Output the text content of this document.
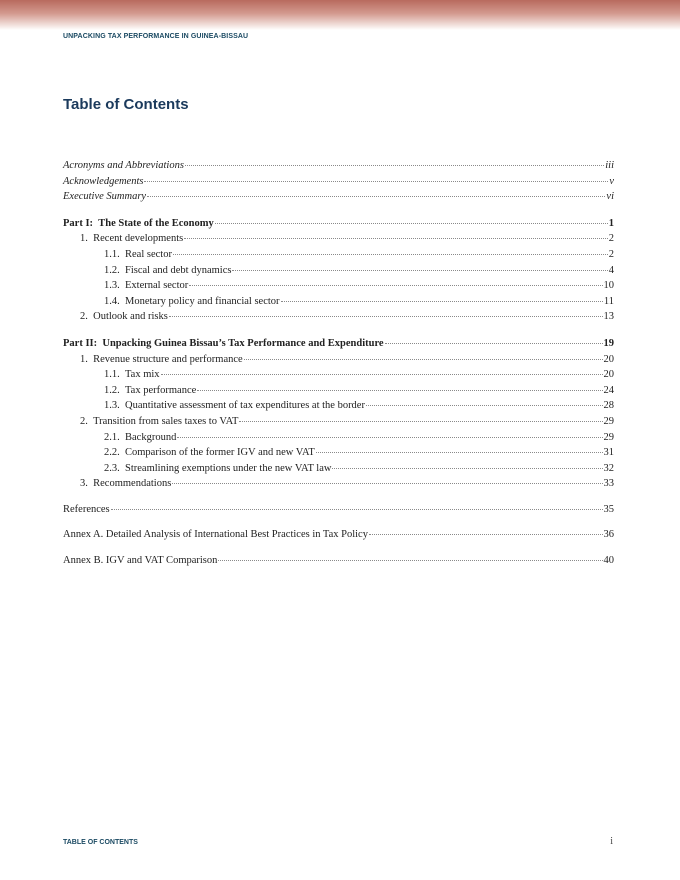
UNPACKING TAX PERFORMANCE IN GUINEA-BISSAU
Table of Contents
Acronyms and Abbreviations	iii
Acknowledgements	v
Executive Summary	vi
Part I: The State of the Economy	1
1. Recent developments	2
1.1. Real sector	2
1.2. Fiscal and debt dynamics	4
1.3. External sector	10
1.4. Monetary policy and financial sector	11
2. Outlook and risks	13
Part II: Unpacking Guinea Bissau’s Tax Performance and Expenditure	19
1. Revenue structure and performance	20
1.1. Tax mix	20
1.2. Tax performance	24
1.3. Quantitative assessment of tax expenditures at the border	28
2. Transition from sales taxes to VAT	29
2.1. Background	29
2.2. Comparison of the former IGV and new VAT	31
2.3. Streamlining exemptions under the new VAT law	32
3. Recommendations	33
References	35
Annex A. Detailed Analysis of International Best Practices in Tax Policy	36
Annex B. IGV and VAT Comparison	40
TABLE OF CONTENTS	i
